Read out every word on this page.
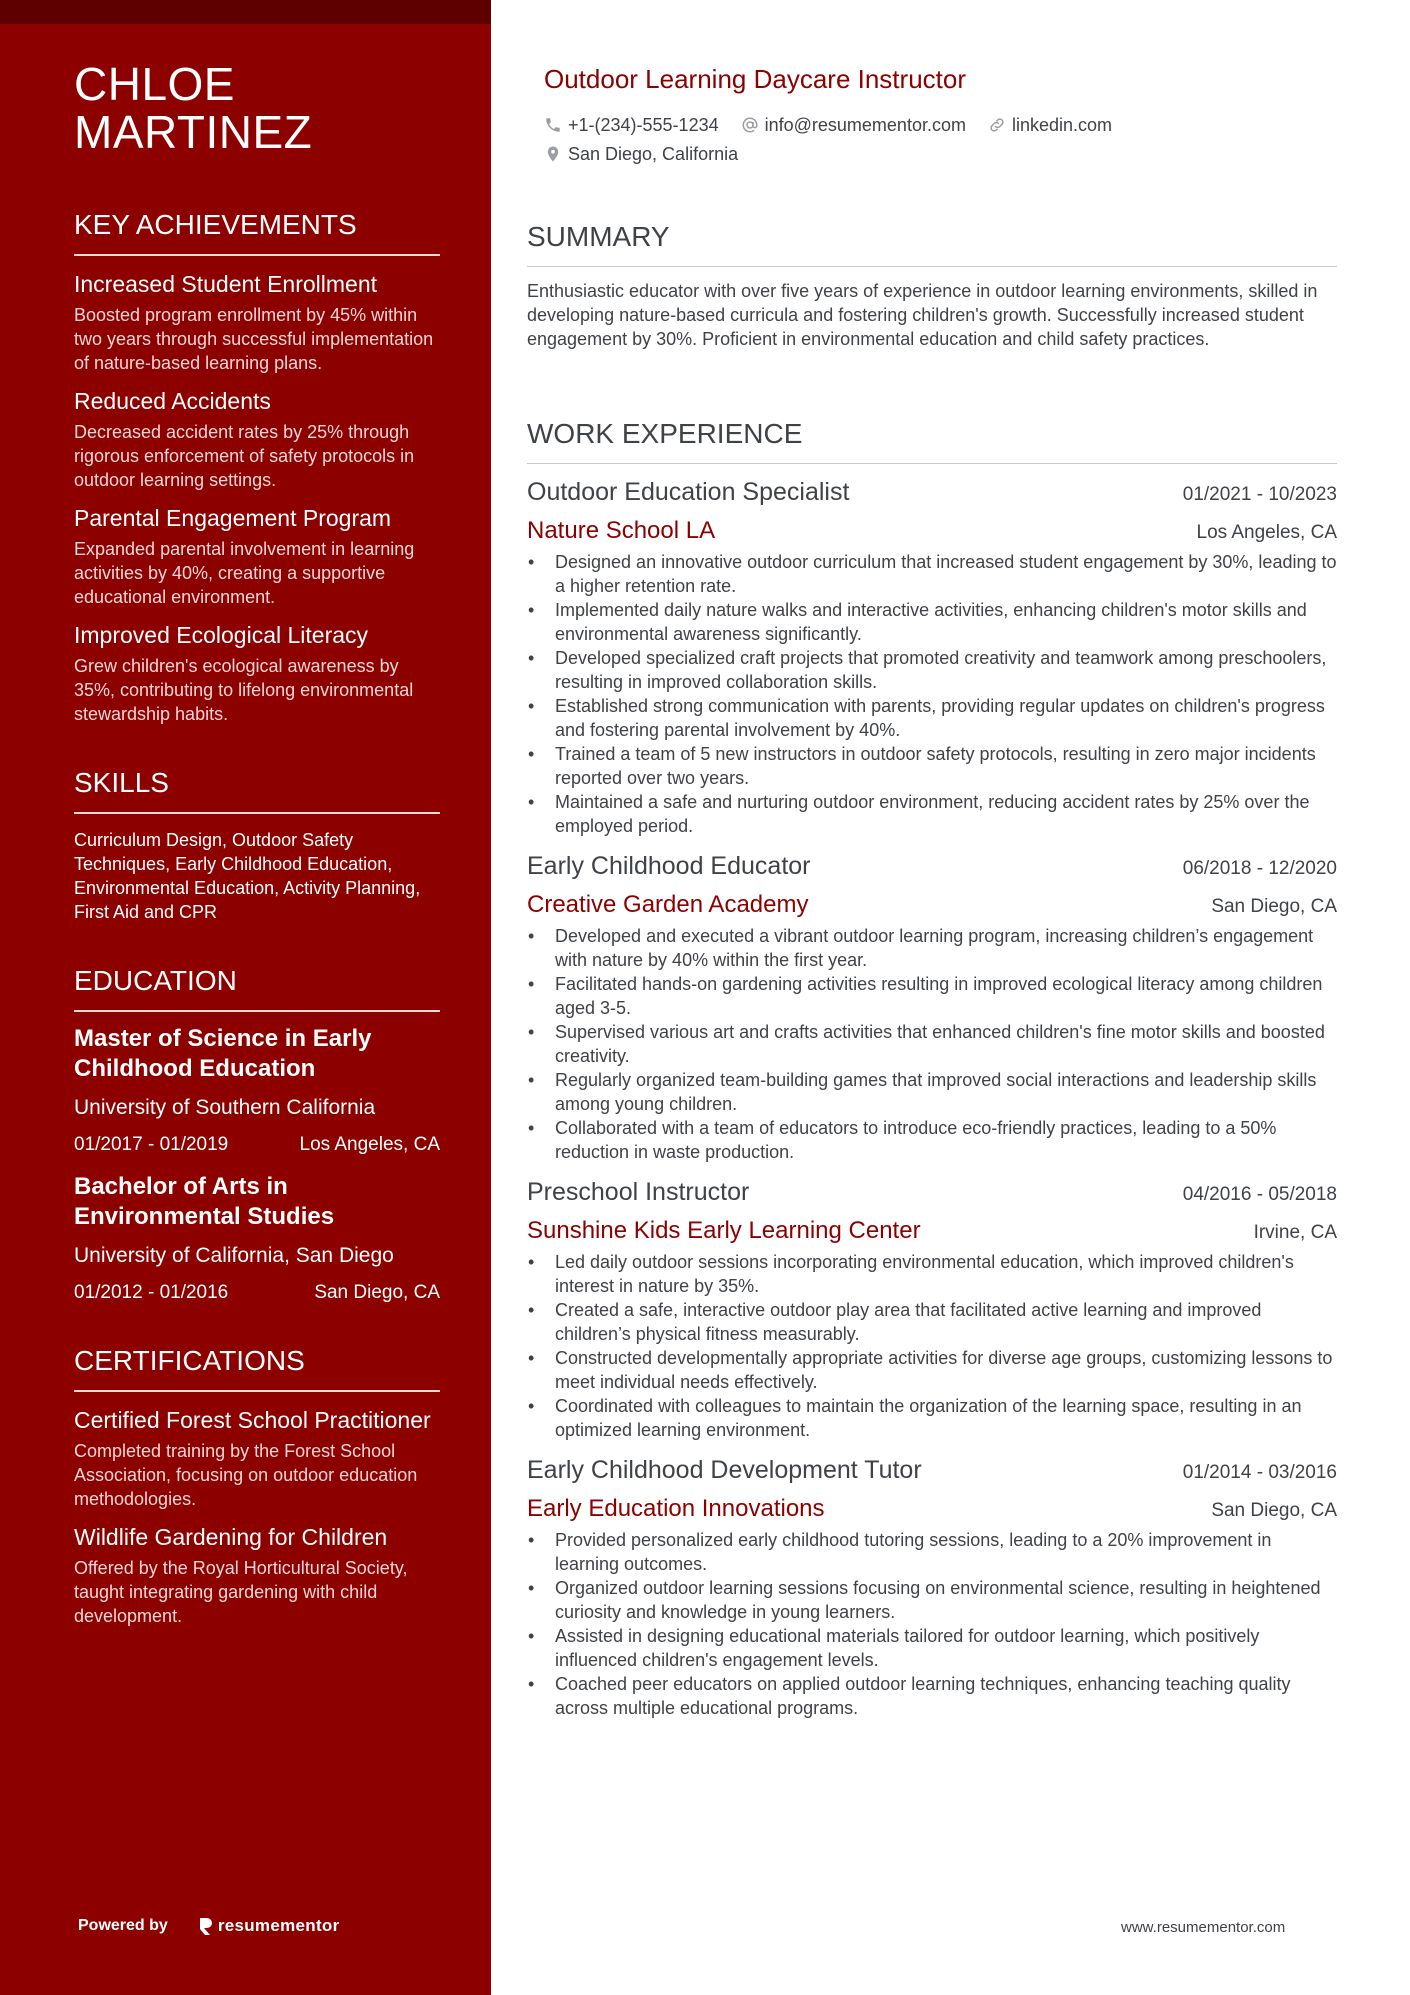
CHLOE
MARTINEZ
KEY ACHIEVEMENTS
Increased Student Enrollment
Boosted program enrollment by 45% within two years through successful implementation of nature-based learning plans.
Reduced Accidents
Decreased accident rates by 25% through rigorous enforcement of safety protocols in outdoor learning settings.
Parental Engagement Program
Expanded parental involvement in learning activities by 40%, creating a supportive educational environment.
Improved Ecological Literacy
Grew children's ecological awareness by 35%, contributing to lifelong environmental stewardship habits.
SKILLS
Curriculum Design, Outdoor Safety Techniques, Early Childhood Education, Environmental Education, Activity Planning, First Aid and CPR
EDUCATION
Master of Science in Early Childhood Education
University of Southern California
01/2017 - 01/2019	Los Angeles, CA
Bachelor of Arts in Environmental Studies
University of California, San Diego
01/2012 - 01/2016	San Diego, CA
CERTIFICATIONS
Certified Forest School Practitioner
Completed training by the Forest School Association, focusing on outdoor education methodologies.
Wildlife Gardening for Children
Offered by the Royal Horticultural Society, taught integrating gardening with child development.
Powered by	resumementor
Outdoor Learning Daycare Instructor
+1-(234)-555-1234	info@resumementor.com	linkedin.com
San Diego, California
SUMMARY
Enthusiastic educator with over five years of experience in outdoor learning environments, skilled in developing nature-based curricula and fostering children's growth. Successfully increased student engagement by 30%. Proficient in environmental education and child safety practices.
WORK EXPERIENCE
Outdoor Education Specialist	01/2021 - 10/2023
Nature School LA	Los Angeles, CA
• Designed an innovative outdoor curriculum that increased student engagement by 30%, leading to a higher retention rate.
• Implemented daily nature walks and interactive activities, enhancing children's motor skills and environmental awareness significantly.
• Developed specialized craft projects that promoted creativity and teamwork among preschoolers, resulting in improved collaboration skills.
• Established strong communication with parents, providing regular updates on children's progress and fostering parental involvement by 40%.
• Trained a team of 5 new instructors in outdoor safety protocols, resulting in zero major incidents reported over two years.
• Maintained a safe and nurturing outdoor environment, reducing accident rates by 25% over the employed period.
Early Childhood Educator	06/2018 - 12/2020
Creative Garden Academy	San Diego, CA
• Developed and executed a vibrant outdoor learning program, increasing children’s engagement with nature by 40% within the first year.
• Facilitated hands-on gardening activities resulting in improved ecological literacy among children aged 3-5.
• Supervised various art and crafts activities that enhanced children's fine motor skills and boosted creativity.
• Regularly organized team-building games that improved social interactions and leadership skills among young children.
• Collaborated with a team of educators to introduce eco-friendly practices, leading to a 50% reduction in waste production.
Preschool Instructor	04/2016 - 05/2018
Sunshine Kids Early Learning Center	Irvine, CA
• Led daily outdoor sessions incorporating environmental education, which improved children's interest in nature by 35%.
• Created a safe, interactive outdoor play area that facilitated active learning and improved children’s physical fitness measurably.
• Constructed developmentally appropriate activities for diverse age groups, customizing lessons to meet individual needs effectively.
• Coordinated with colleagues to maintain the organization of the learning space, resulting in an optimized learning environment.
Early Childhood Development Tutor	01/2014 - 03/2016
Early Education Innovations	San Diego, CA
• Provided personalized early childhood tutoring sessions, leading to a 20% improvement in learning outcomes.
• Organized outdoor learning sessions focusing on environmental science, resulting in heightened curiosity and knowledge in young learners.
• Assisted in designing educational materials tailored for outdoor learning, which positively influenced children's engagement levels.
• Coached peer educators on applied outdoor learning techniques, enhancing teaching quality across multiple educational programs.
www.resumementor.com
